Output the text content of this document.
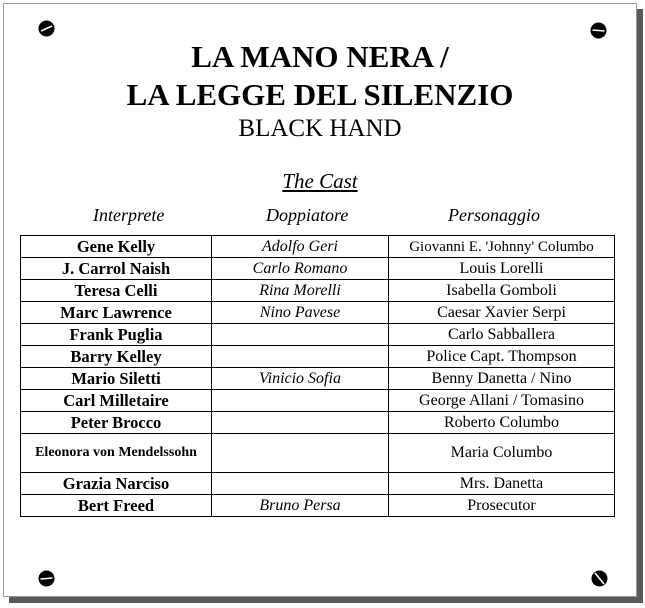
LA MANO NERA /
LA LEGGE DEL SILENZIO
BLACK HAND
The Cast
Interprete	Doppiatore	Personaggio
Gene Kelly	Adolfo Geri	Giovanni E. 'Johnny' Columbo
J. Carrol Naish	Carlo Romano	Louis Lorelli
Teresa Celli	Rina Morelli	Isabella Gomboli
Marc Lawrence	Nino Pavese	Caesar Xavier Serpi
Frank Puglia		Carlo Sabballera
Barry Kelley		Police Capt. Thompson
Mario Siletti	Vinicio Sofia	Benny Danetta / Nino
Carl Milletaire		George Allani / Tomasino
Peter Brocco		Roberto Columbo
Eleonora von Mendelssohn		Maria Columbo
Grazia Narciso		Mrs. Danetta
Bert Freed	Bruno Persa	Prosecutor
